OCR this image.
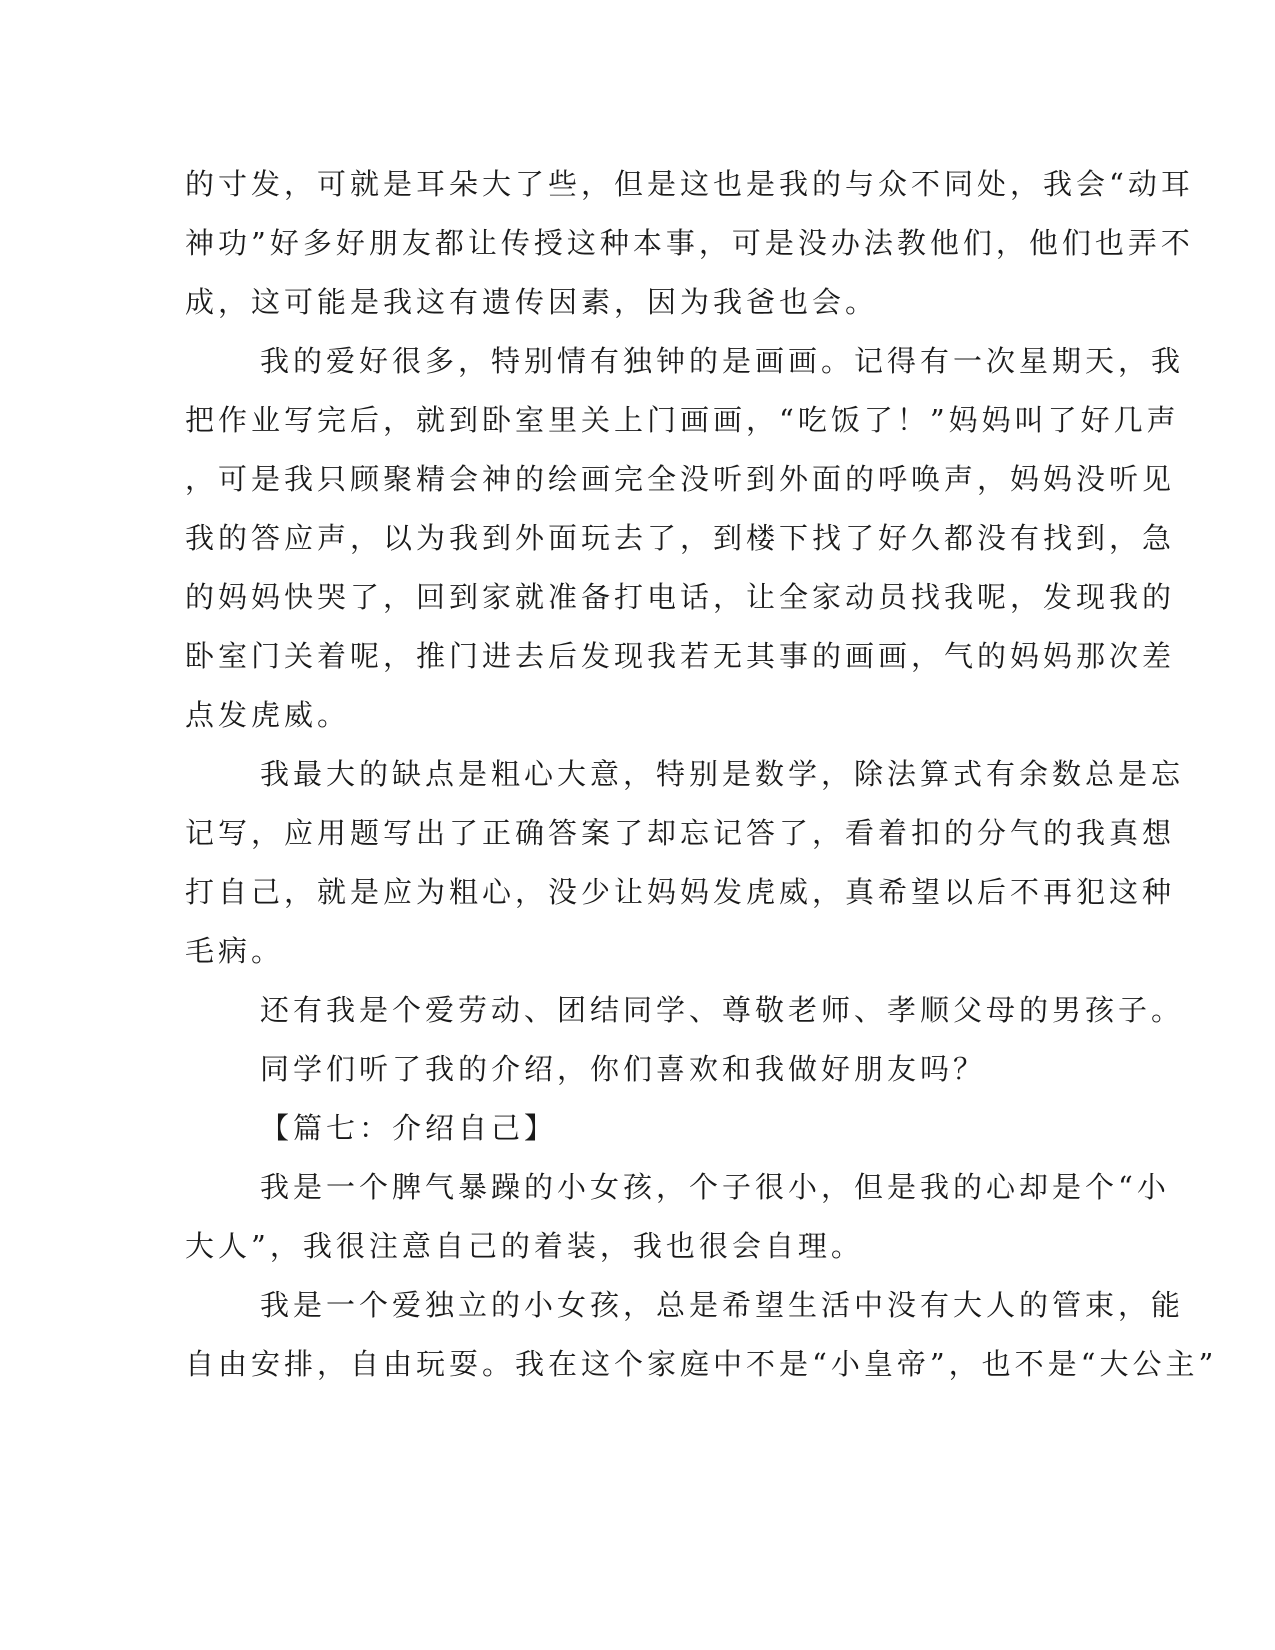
的寸发，可就是耳朵大了些，但是这也是我的与众不同处，我会“动耳
神功”好多好朋友都让传授这种本事，可是没办法教他们，他们也弄不
成，这可能是我这有遗传因素，因为我爸也会。
我的爱好很多，特别情有独钟的是画画。记得有一次星期天，我
把作业写完后，就到卧室里关上门画画，“吃饭了！”妈妈叫了好几声
，可是我只顾聚精会神的绘画完全没听到外面的呼唤声，妈妈没听见
我的答应声，以为我到外面玩去了，到楼下找了好久都没有找到，急
的妈妈快哭了，回到家就准备打电话，让全家动员找我呢，发现我的
卧室门关着呢，推门进去后发现我若无其事的画画，气的妈妈那次差
点发虎威。
我最大的缺点是粗心大意，特别是数学，除法算式有余数总是忘
记写，应用题写出了正确答案了却忘记答了，看着扣的分气的我真想
打自己，就是应为粗心，没少让妈妈发虎威，真希望以后不再犯这种
毛病。
还有我是个爱劳动、团结同学、尊敬老师、孝顺父母的男孩子。
同学们听了我的介绍，你们喜欢和我做好朋友吗？
【篇七：介绍自己】
我是一个脾气暴躁的小女孩，个子很小，但是我的心却是个“小
大人”，我很注意自己的着装，我也很会自理。
我是一个爱独立的小女孩，总是希望生活中没有大人的管束，能
自由安排，自由玩耍。我在这个家庭中不是“小皇帝”，也不是“大公主”
